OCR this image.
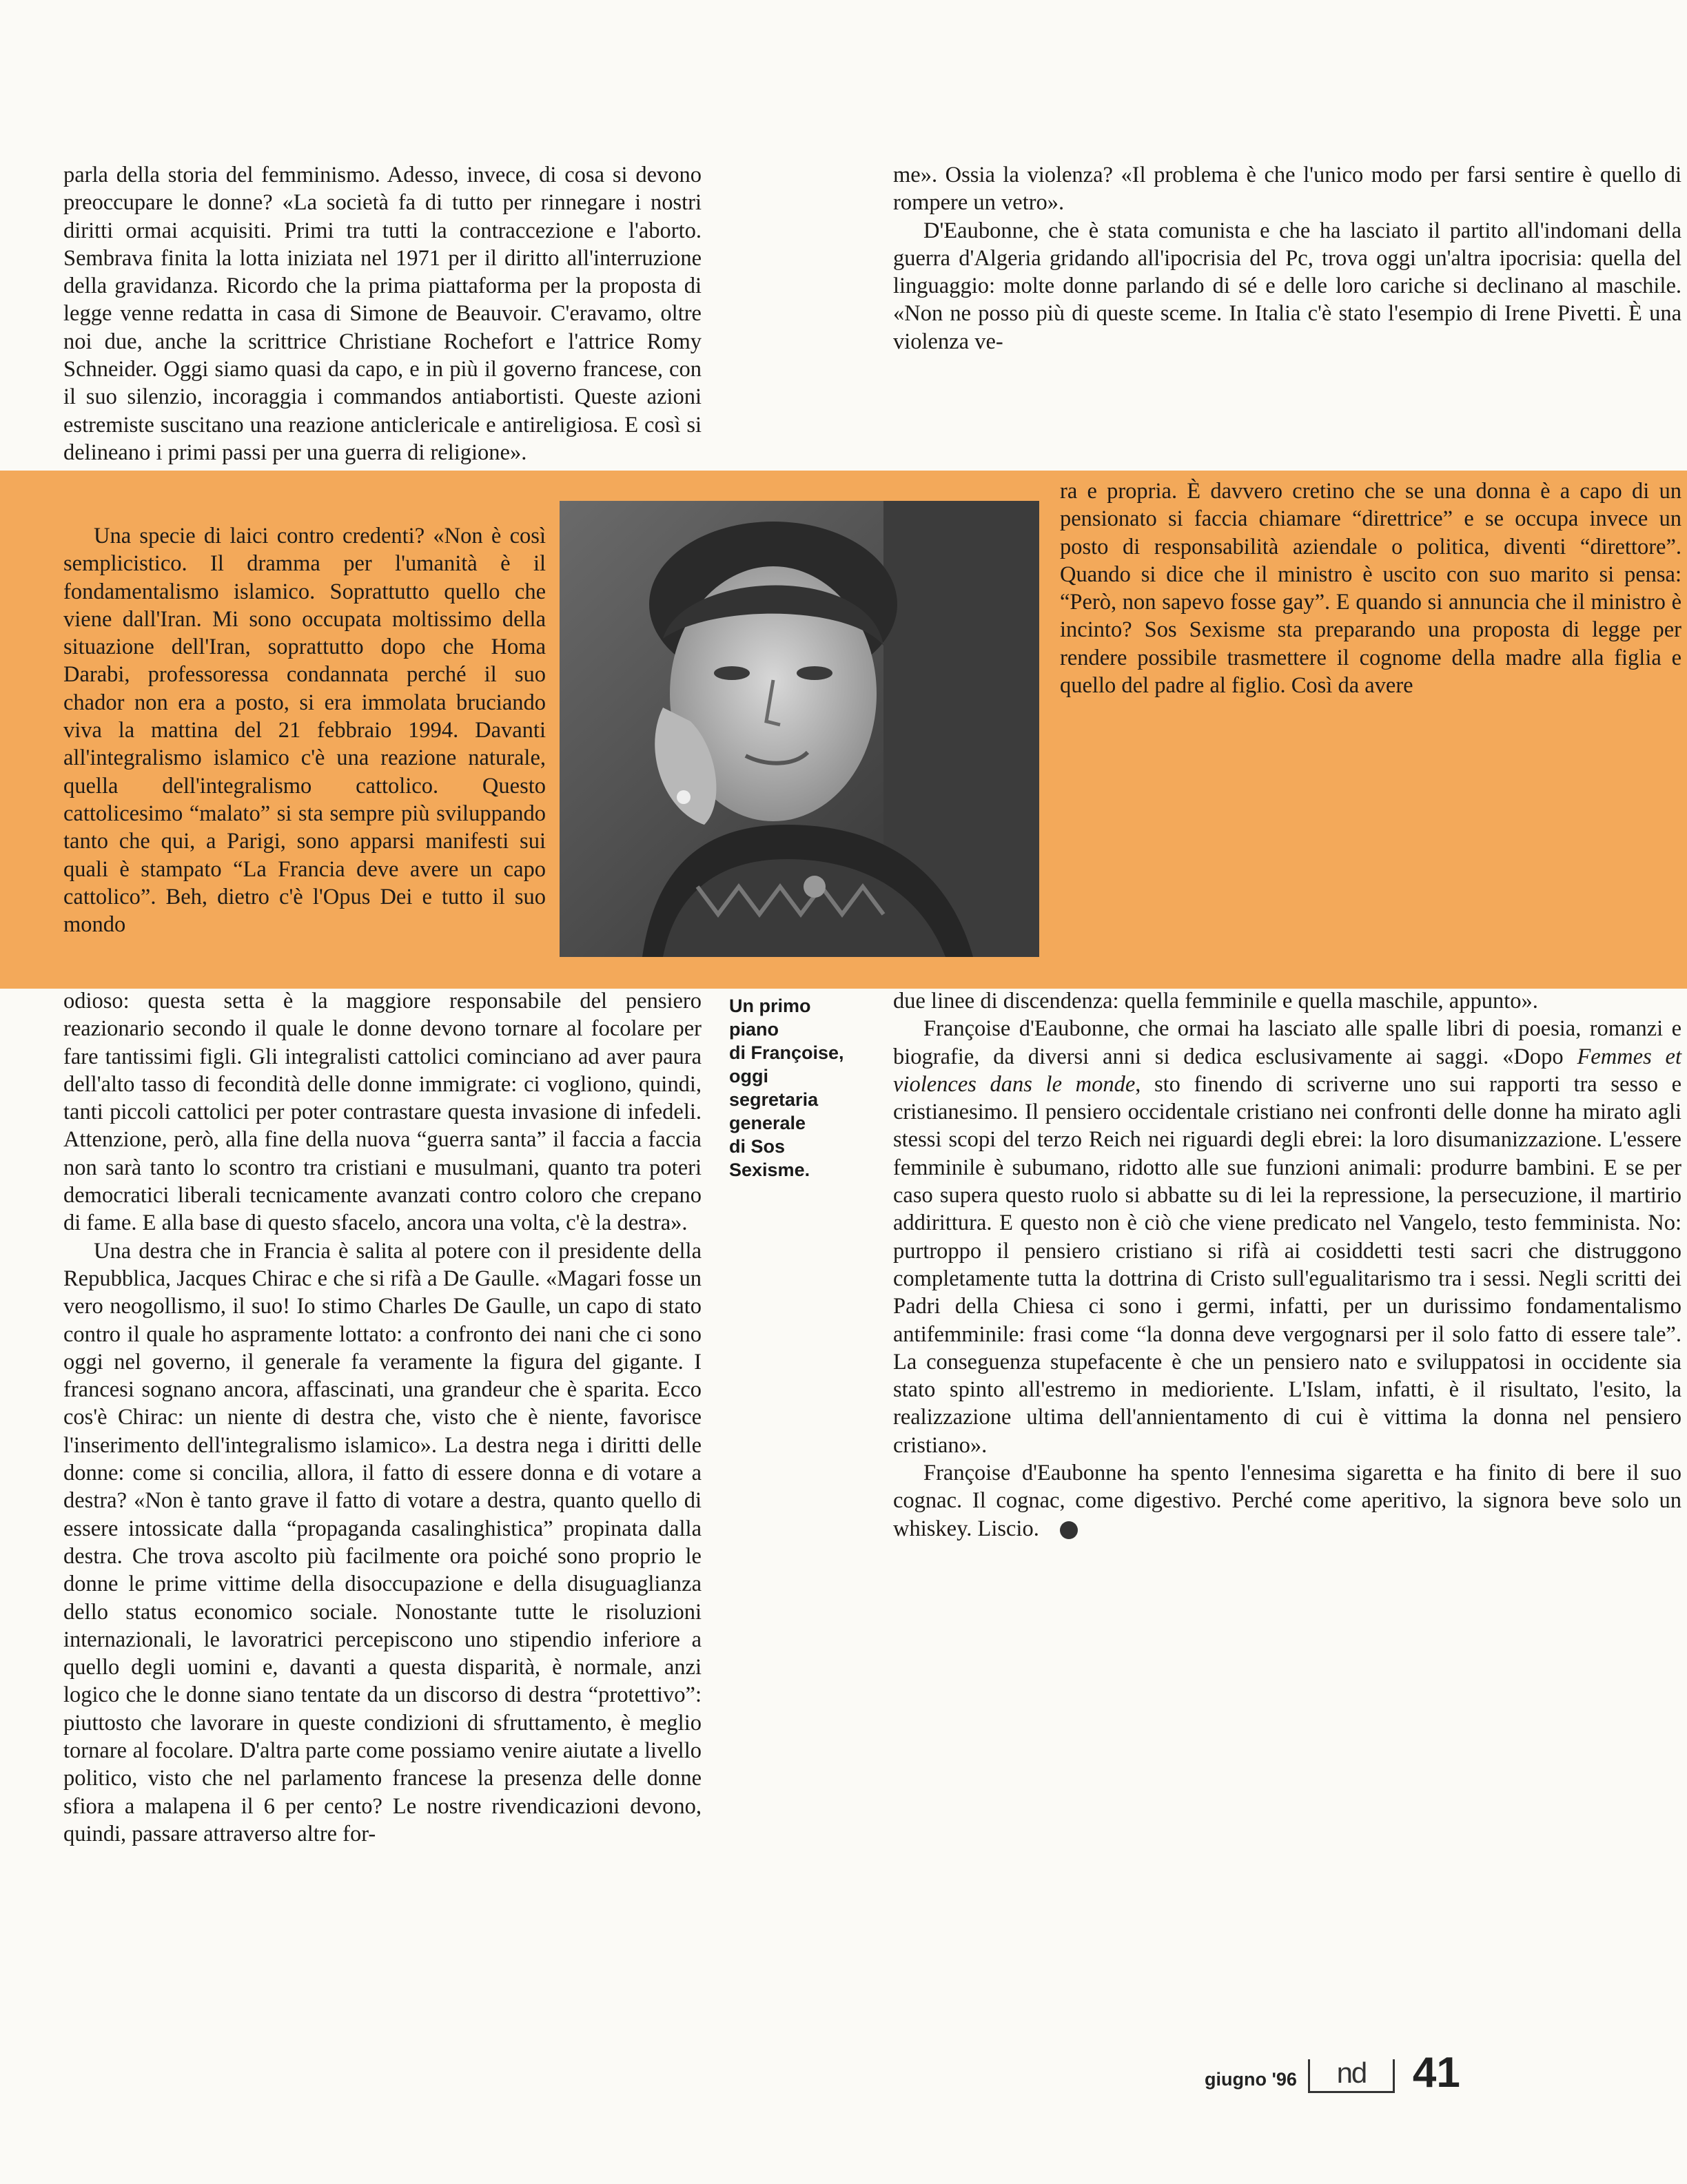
parla della storia del femminismo. Adesso, invece, di cosa si devono preoccupare le donne? «La società fa di tutto per rinnegare i nostri diritti ormai acquisiti. Primi tra tutti la contraccezione e l'aborto. Sembrava finita la lotta iniziata nel 1971 per il diritto all'interruzione della gravidanza. Ricordo che la prima piattaforma per la proposta di legge venne redatta in casa di Simone de Beauvoir. C'eravamo, oltre noi due, anche la scrittrice Christiane Rochefort e l'attrice Romy Schneider. Oggi siamo quasi da capo, e in più il governo francese, con il suo silenzio, incoraggia i commandos antiabortisti. Queste azioni estremiste suscitano una reazione anticlericale e antireligiosa. E così si delineano i primi passi per una guerra di religione».

Una specie di laici contro credenti? «Non è così semplicistico. Il dramma per l'umanità è il fondamentalismo islamico. Soprattutto quello che viene dall'Iran. Mi sono occupata moltissimo della situazione dell'Iran, soprattutto dopo che Homa Darabi, professoressa condannata perché il suo chador non era a posto, si era immolata bruciando viva la mattina del 21 febbraio 1994. Davanti all'integralismo islamico c'è una reazione naturale, quella dell'integralismo cattolico. Questo cattolicesimo “malato” si sta sempre più sviluppando tanto che qui, a Parigi, sono apparsi manifesti sui quali è stampato “La Francia deve avere un capo cattolico”. Beh, dietro c'è l'Opus Dei e tutto il suo mondo

odioso: questa setta è la maggiore responsabile del pensiero reazionario secondo il quale le donne devono tornare al focolare per fare tantissimi figli. Gli integralisti cattolici cominciano ad aver paura dell'alto tasso di fecondità delle donne immigrate: ci vogliono, quindi, tanti piccoli cattolici per poter contrastare questa invasione di infedeli. Attenzione, però, alla fine della nuova “guerra santa” il faccia a faccia non sarà tanto lo scontro tra cristiani e musulmani, quanto tra poteri democratici liberali tecnicamente avanzati contro coloro che crepano di fame. E alla base di questo sfacelo, ancora una volta, c'è la destra».

Una destra che in Francia è salita al potere con il presidente della Repubblica, Jacques Chirac e che si rifà a De Gaulle. «Magari fosse un vero neogollismo, il suo! Io stimo Charles De Gaulle, un capo di stato contro il quale ho aspramente lottato: a confronto dei nani che ci sono oggi nel governo, il generale fa veramente la figura del gigante. I francesi sognano ancora, affascinati, una grandeur che è sparita. Ecco cos'è Chirac: un niente di destra che, visto che è niente, favorisce l'inserimento dell'integralismo islamico». La destra nega i diritti delle donne: come si concilia, allora, il fatto di essere donna e di votare a destra? «Non è tanto grave il fatto di votare a destra, quanto quello di essere intossicate dalla “propaganda casalinghistica” propinata dalla destra. Che trova ascolto più facilmente ora poiché sono proprio le donne le prime vittime della disoccupazione e della disuguaglianza dello status economico sociale. Nonostante tutte le risoluzioni internazionali, le lavoratrici percepiscono uno stipendio inferiore a quello degli uomini e, davanti a questa disparità, è normale, anzi logico che le donne siano tentate da un discorso di destra “protettivo”: piuttosto che lavorare in queste condizioni di sfruttamento, è meglio tornare al focolare. D'altra parte come possiamo venire aiutate a livello politico, visto che nel parlamento francese la presenza delle donne sfiora a malapena il 6 per cento? Le nostre rivendicazioni devono, quindi, passare attraverso altre for-

Un primo
piano
di Françoise,
oggi
segretaria
generale
di Sos
Sexisme.

me». Ossia la violenza? «Il problema è che l'unico modo per farsi sentire è quello di rompere un vetro».

D'Eaubonne, che è stata comunista e che ha lasciato il partito all'indomani della guerra d'Algeria gridando all'ipocrisia del Pc, trova oggi un'altra ipocrisia: quella del linguaggio: molte donne parlando di sé e delle loro cariche si declinano al maschile. «Non ne posso più di queste sceme. In Italia c'è stato l'esempio di Irene Pivetti. È una violenza ve-

ra e propria. È davvero cretino che se una donna è a capo di un pensionato si faccia chiamare “direttrice” e se occupa invece un posto di responsabilità aziendale o politica, diventi “direttore”. Quando si dice che il ministro è uscito con suo marito si pensa: “Però, non sapevo fosse gay”. E quando si annuncia che il ministro è incinto? Sos Sexisme sta preparando una proposta di legge per rendere possibile trasmettere il cognome della madre alla figlia e quello del padre al figlio. Così da avere

due linee di discendenza: quella femminile e quella maschile, appunto».

Françoise d'Eaubonne, che ormai ha lasciato alle spalle libri di poesia, romanzi e biografie, da diversi anni si dedica esclusivamente ai saggi. «Dopo Femmes et violences dans le monde, sto finendo di scriverne uno sui rapporti tra sesso e cristianesimo. Il pensiero occidentale cristiano nei confronti delle donne ha mirato agli stessi scopi del terzo Reich nei riguardi degli ebrei: la loro disumanizzazione. L'essere femminile è subumano, ridotto alle sue funzioni animali: produrre bambini. E se per caso supera questo ruolo si abbatte su di lei la repressione, la persecuzione, il martirio addirittura. E questo non è ciò che viene predicato nel Vangelo, testo femminista. No: purtroppo il pensiero cristiano si rifà ai cosiddetti testi sacri che distruggono completamente tutta la dottrina di Cristo sull'egualitarismo tra i sessi. Negli scritti dei Padri della Chiesa ci sono i germi, infatti, per un durissimo fondamentalismo antifemminile: frasi come “la donna deve vergognarsi per il solo fatto di essere tale”. La conseguenza stupefacente è che un pensiero nato e sviluppatosi in occidente sia stato spinto all'estremo in medioriente. L'Islam, infatti, è il risultato, l'esito, la realizzazione ultima dell'annientamento di cui è vittima la donna nel pensiero cristiano».

Françoise d'Eaubonne ha spento l'ennesima sigaretta e ha finito di bere il suo cognac. Il cognac, come digestivo. Perché come aperitivo, la signora beve solo un whiskey. Liscio.

giugno '96	nd	41
